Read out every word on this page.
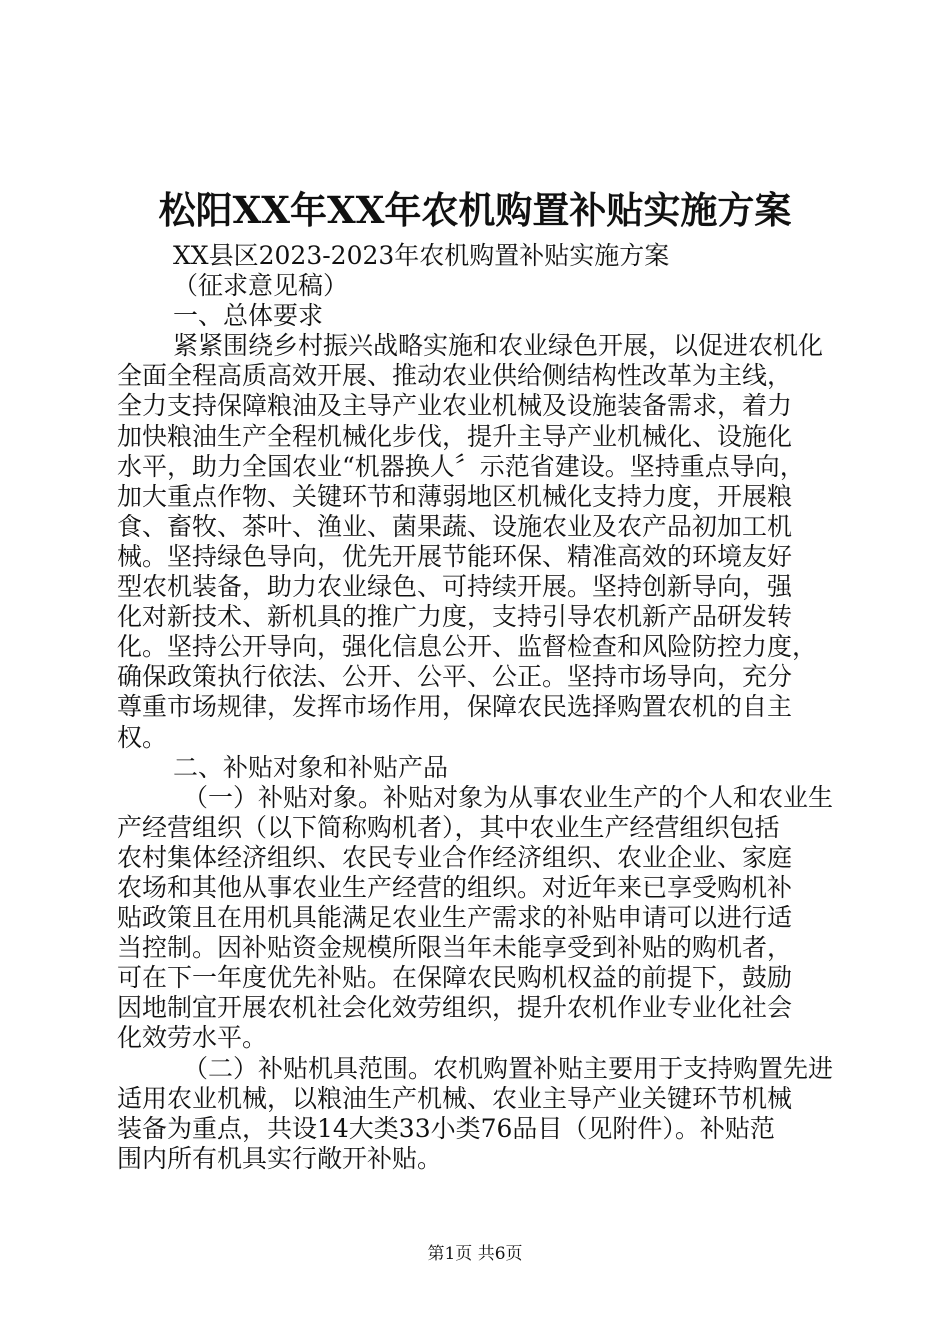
松阳XX年XX年农机购置补贴实施方案
XX县区2023-2023年农机购置补贴实施方案
（征求意见稿）
一、总体要求
紧紧围绕乡村振兴战略实施和农业绿色开展，以促进农机化
全面全程高质高效开展、推动农业供给侧结构性改革为主线，
全力支持保障粮油及主导产业农业机械及设施装备需求，着力
加快粮油生产全程机械化步伐，提升主导产业机械化、设施化
水平，助力全国农业“机器换人〞示范省建设。坚持重点导向，
加大重点作物、关键环节和薄弱地区机械化支持力度，开展粮
食、畜牧、茶叶、渔业、菌果蔬、设施农业及农产品初加工机
械。坚持绿色导向，优先开展节能环保、精准高效的环境友好
型农机装备，助力农业绿色、可持续开展。坚持创新导向，强
化对新技术、新机具的推广力度，支持引导农机新产品研发转
化。坚持公开导向，强化信息公开、监督检查和风险防控力度，
确保政策执行依法、公开、公平、公正。坚持市场导向，充分
尊重市场规律，发挥市场作用，保障农民选择购置农机的自主
权。
二、补贴对象和补贴产品
（一）补贴对象。补贴对象为从事农业生产的个人和农业生
产经营组织（以下简称购机者），其中农业生产经营组织包括
农村集体经济组织、农民专业合作经济组织、农业企业、家庭
农场和其他从事农业生产经营的组织。对近年来已享受购机补
贴政策且在用机具能满足农业生产需求的补贴申请可以进行适
当控制。因补贴资金规模所限当年未能享受到补贴的购机者，
可在下一年度优先补贴。在保障农民购机权益的前提下，鼓励
因地制宜开展农机社会化效劳组织，提升农机作业专业化社会
化效劳水平。
（二）补贴机具范围。农机购置补贴主要用于支持购置先进
适用农业机械，以粮油生产机械、农业主导产业关键环节机械
装备为重点，共设14大类33小类76品目（见附件）。补贴范
围内所有机具实行敞开补贴。
第1页 共6页
